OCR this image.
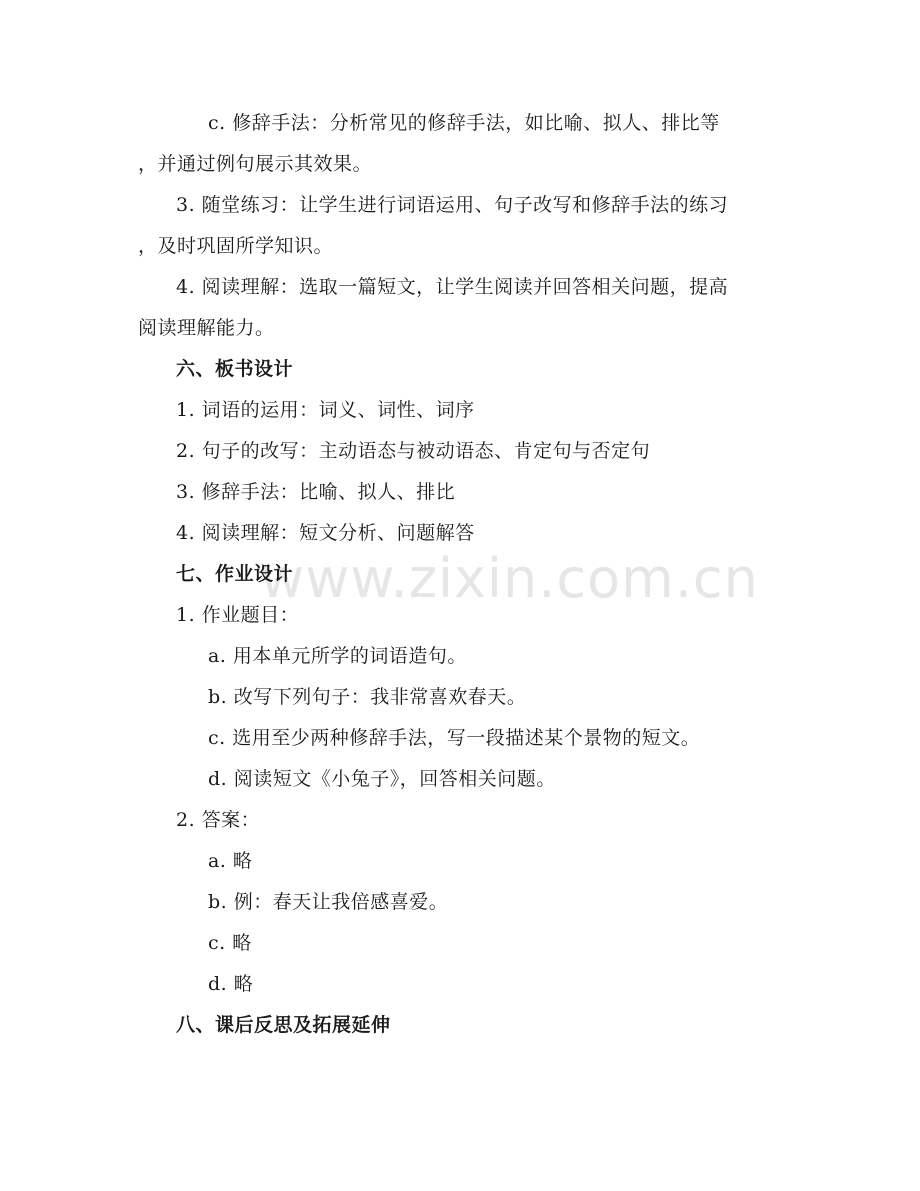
www.zixin.com.cn
c. 修辞手法：分析常见的修辞手法，如比喻、拟人、排比等
，并通过例句展示其效果。
3. 随堂练习：让学生进行词语运用、句子改写和修辞手法的练习
，及时巩固所学知识。
4. 阅读理解：选取一篇短文，让学生阅读并回答相关问题，提高
阅读理解能力。
六、板书设计
1. 词语的运用：词义、词性、词序
2. 句子的改写：主动语态与被动语态、肯定句与否定句
3. 修辞手法：比喻、拟人、排比
4. 阅读理解：短文分析、问题解答
七、作业设计
1. 作业题目：
a. 用本单元所学的词语造句。
b. 改写下列句子：我非常喜欢春天。
c. 选用至少两种修辞手法，写一段描述某个景物的短文。
d. 阅读短文《小兔子》，回答相关问题。
2. 答案：
a. 略
b. 例：春天让我倍感喜爱。
c. 略
d. 略
八、课后反思及拓展延伸
